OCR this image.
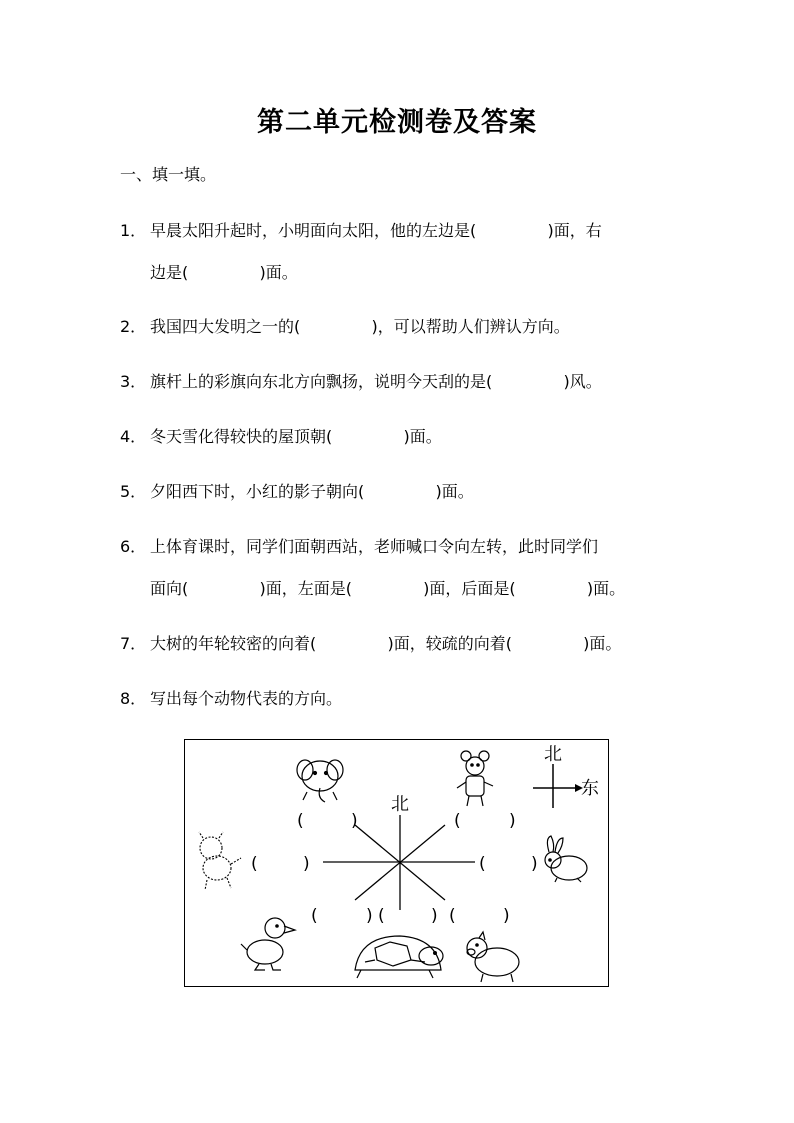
第二单元检测卷及答案
一、填一填。
1． 早晨太阳升起时，小明面向太阳，他的左边是(              )面，右
边是(              )面。
2． 我国四大发明之一的(              )，可以帮助人们辨认方向。
3． 旗杆上的彩旗向东北方向飘扬，说明今天刮的是(              )风。
4． 冬天雪化得较快的屋顶朝(              )面。
5． 夕阳西下时，小红的影子朝向(              )面。
6． 上体育课时，同学们面朝西站，老师喊口令向左转，此时同学们
面向(              )面，左面是(              )面，后面是(              )面。
7． 大树的年轮较密的向着(              )面，较疏的向着(              )面。
8． 写出每个动物代表的方向。
北
北
东
(	)	(	)
(	)	(	)
(	) (	) (	)
